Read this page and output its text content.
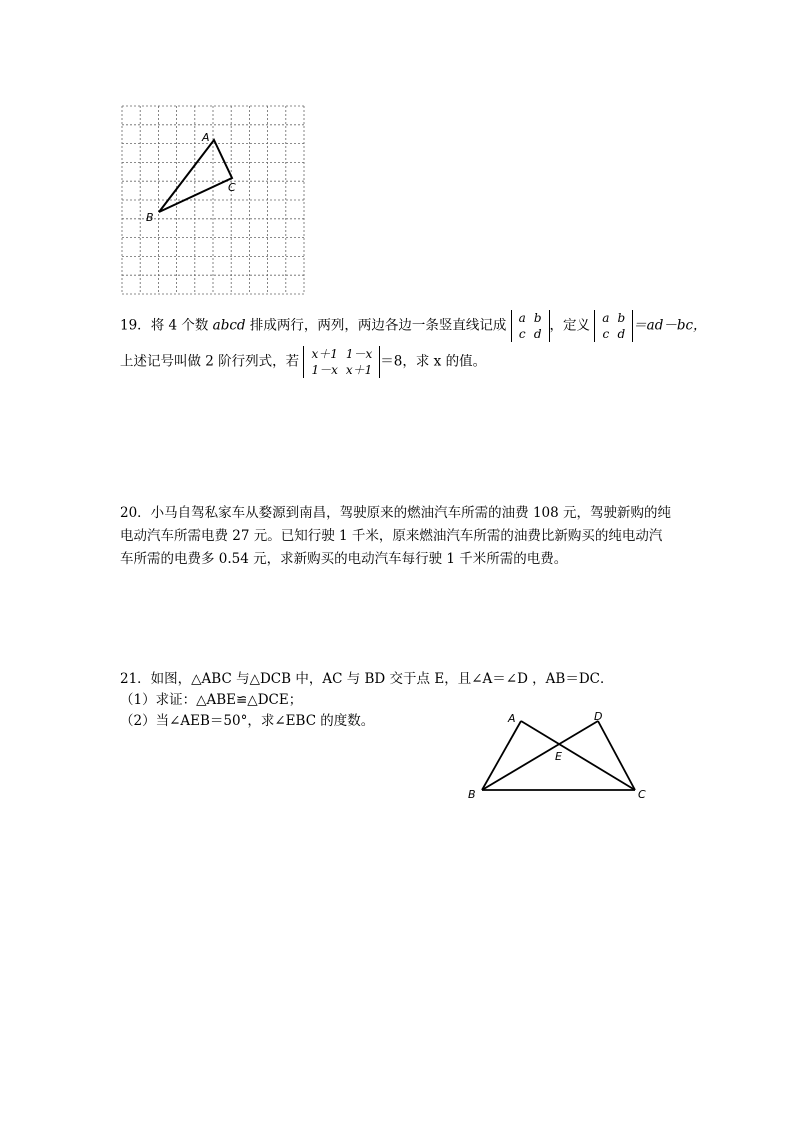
A
C
B
19．将 4 个数 abcd 排成两行，两列，两边各边一条竖直线记成 a	b
c	d
，定义 a	b
c	d
＝ad－bc，
上述记号叫做 2 阶行列式，若 x＋1	1－x
1－x	x＋1
＝8，求 x 的值。
20．小马自驾私家车从婺源到南昌，驾驶原来的燃油汽车所需的油费 108 元，驾驶新购的纯
电动汽车所需电费 27 元。已知行驶 1 千米，原来燃油汽车所需的油费比新购买的纯电动汽
车所需的电费多 0.54 元，求新购买的电动汽车每行驶 1 千米所需的电费。
21．如图，△ABC 与△DCB 中，AC 与 BD 交于点 E，且∠A＝∠D ，AB＝DC．
（1）求证：△ABE≌△DCE；
（2）当∠AEB＝50°，求∠EBC 的度数。	A	D
E
B	C
